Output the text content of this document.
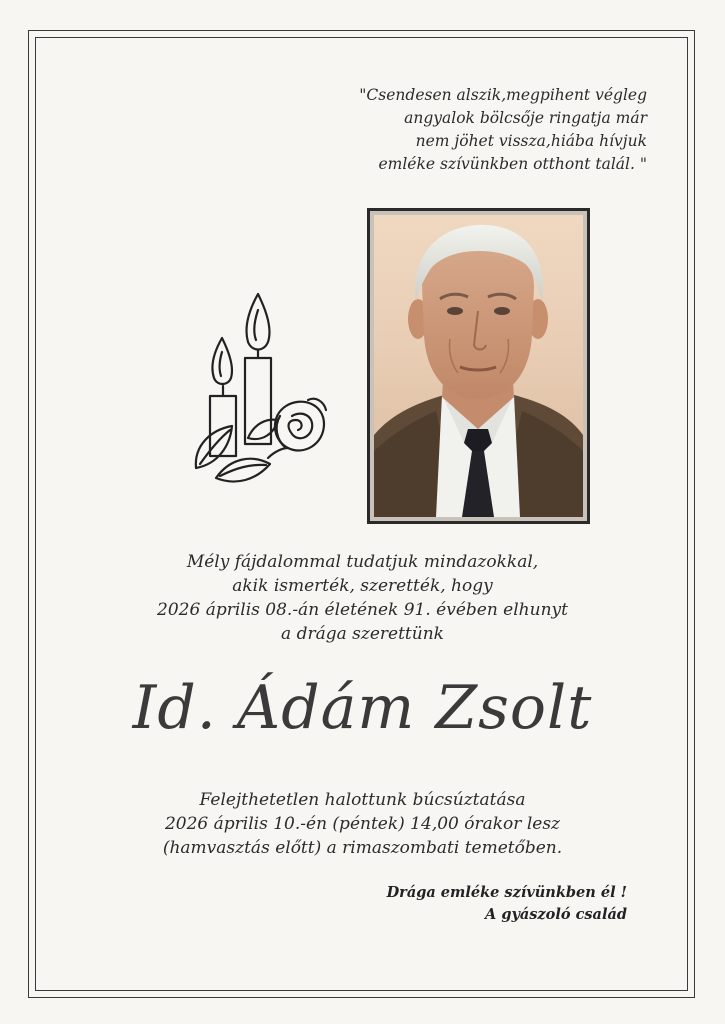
"Csendesen alszik,megpihent végleg
angyalok bölcsője ringatja már
nem jöhet vissza,hiába hívjuk
emléke szívünkben otthont talál. "
Mély fájdalommal tudatjuk mindazokkal,
akik ismerték, szerették, hogy
2026 április 08.-án életének 91. évében elhunyt
a drága szerettünk
Id. Ádám Zsolt
Felejthetetlen halottunk búcsúztatása
2026 április 10.-én (péntek) 14,00 órakor lesz
(hamvasztás előtt) a rimaszombati temetőben.
Drága emléke szívünkben él !
A gyászoló család
